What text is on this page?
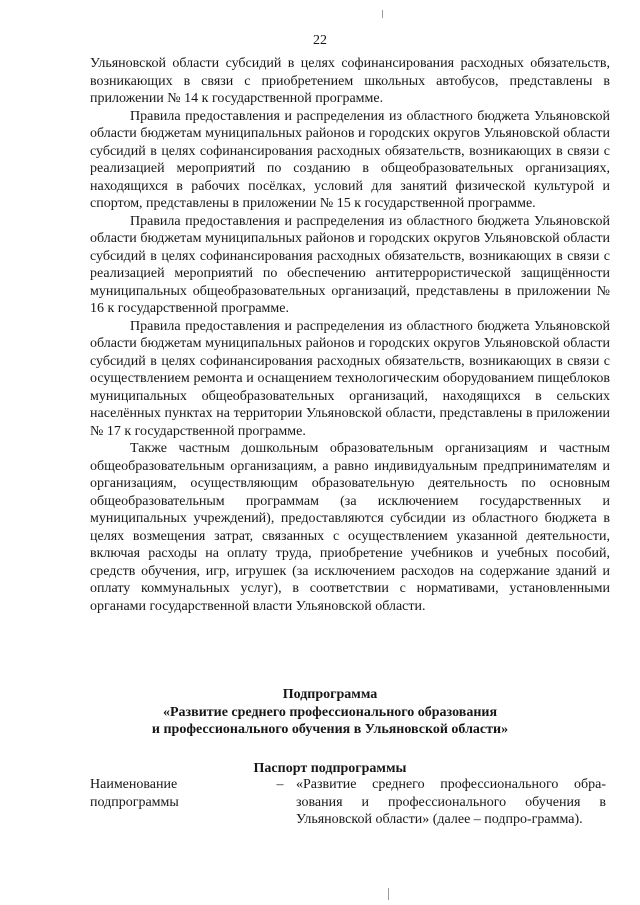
22

Ульяновской области субсидий в целях софинансирования расходных обязательств, возникающих в связи с приобретением школьных автобусов, представлены в приложении № 14 к государственной программе.

Правила предоставления и распределения из областного бюджета Ульяновской области бюджетам муниципальных районов и городских округов Ульяновской области субсидий в целях софинансирования расходных обязательств, возникающих в связи с реализацией мероприятий по созданию в общеобразовательных организациях, находящихся в рабочих посёлках, условий для занятий физической культурой и спортом, представлены в приложении № 15 к государственной программе.

Правила предоставления и распределения из областного бюджета Ульяновской области бюджетам муниципальных районов и городских округов Ульяновской области субсидий в целях софинансирования расходных обязательств, возникающих в связи с реализацией мероприятий по обеспечению антитеррористической защищённости муниципальных общеобразовательных организаций, представлены в приложении № 16 к государственной программе.

Правила предоставления и распределения из областного бюджета Ульяновской области бюджетам муниципальных районов и городских округов Ульяновской области субсидий в целях софинансирования расходных обязательств, возникающих в связи с осуществлением ремонта и оснащением технологическим оборудованием пищеблоков муниципальных общеобразовательных организаций, находящихся в сельских населённых пунктах на территории Ульяновской области, представлены в приложении № 17 к государственной программе.

Также частным дошкольным образовательным организациям и частным общеобразовательным организациям, а равно индивидуальным предпринимателям и организациям, осуществляющим образовательную деятельность по основным общеобразовательным программам (за исключением государственных и муниципальных учреждений), предоставляются субсидии из областного бюджета в целях возмещения затрат, связанных с осуществлением указанной деятельности, включая расходы на оплату труда, приобретение учебников и учебных пособий, средств обучения, игр, игрушек (за исключением расходов на содержание зданий и оплату коммунальных услуг), в соответствии с нормативами, установленными органами государственной власти Ульяновской области.

Подпрограмма
«Развитие среднего профессионального образования
и профессионального обучения в Ульяновской области»
Паспорт подпрограммы
Наименование
подпрограммы
– «Развитие среднего профессионального обра-зования и профессионального обучения в Ульяновской области» (далее – подпро-грамма).
